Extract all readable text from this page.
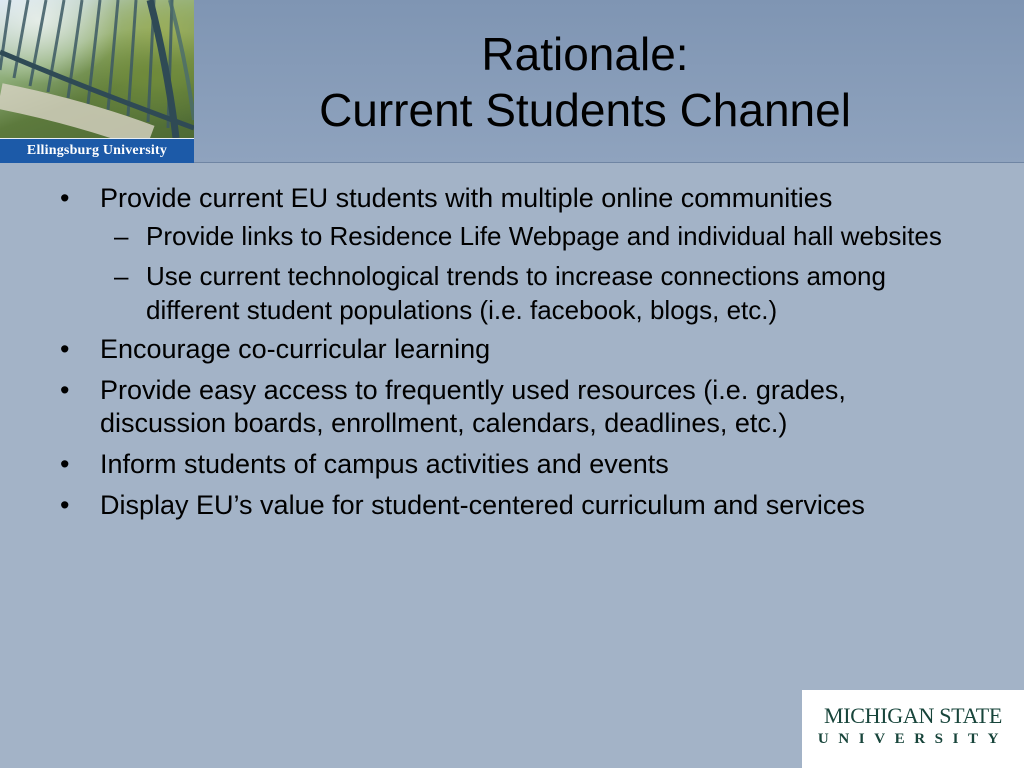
Ellingsburg University
Rationale:
Current Students Channel
• Provide current EU students with multiple online communities
– Provide links to Residence Life Webpage and individual hall websites
– Use current technological trends to increase connections among different student populations (i.e. facebook, blogs, etc.)
• Encourage co-curricular learning
• Provide easy access to frequently used resources (i.e. grades, discussion boards, enrollment, calendars, deadlines, etc.)
• Inform students of campus activities and events
• Display EU’s value for student-centered curriculum and services
MICHIGAN STATE
UNIVERSITY
